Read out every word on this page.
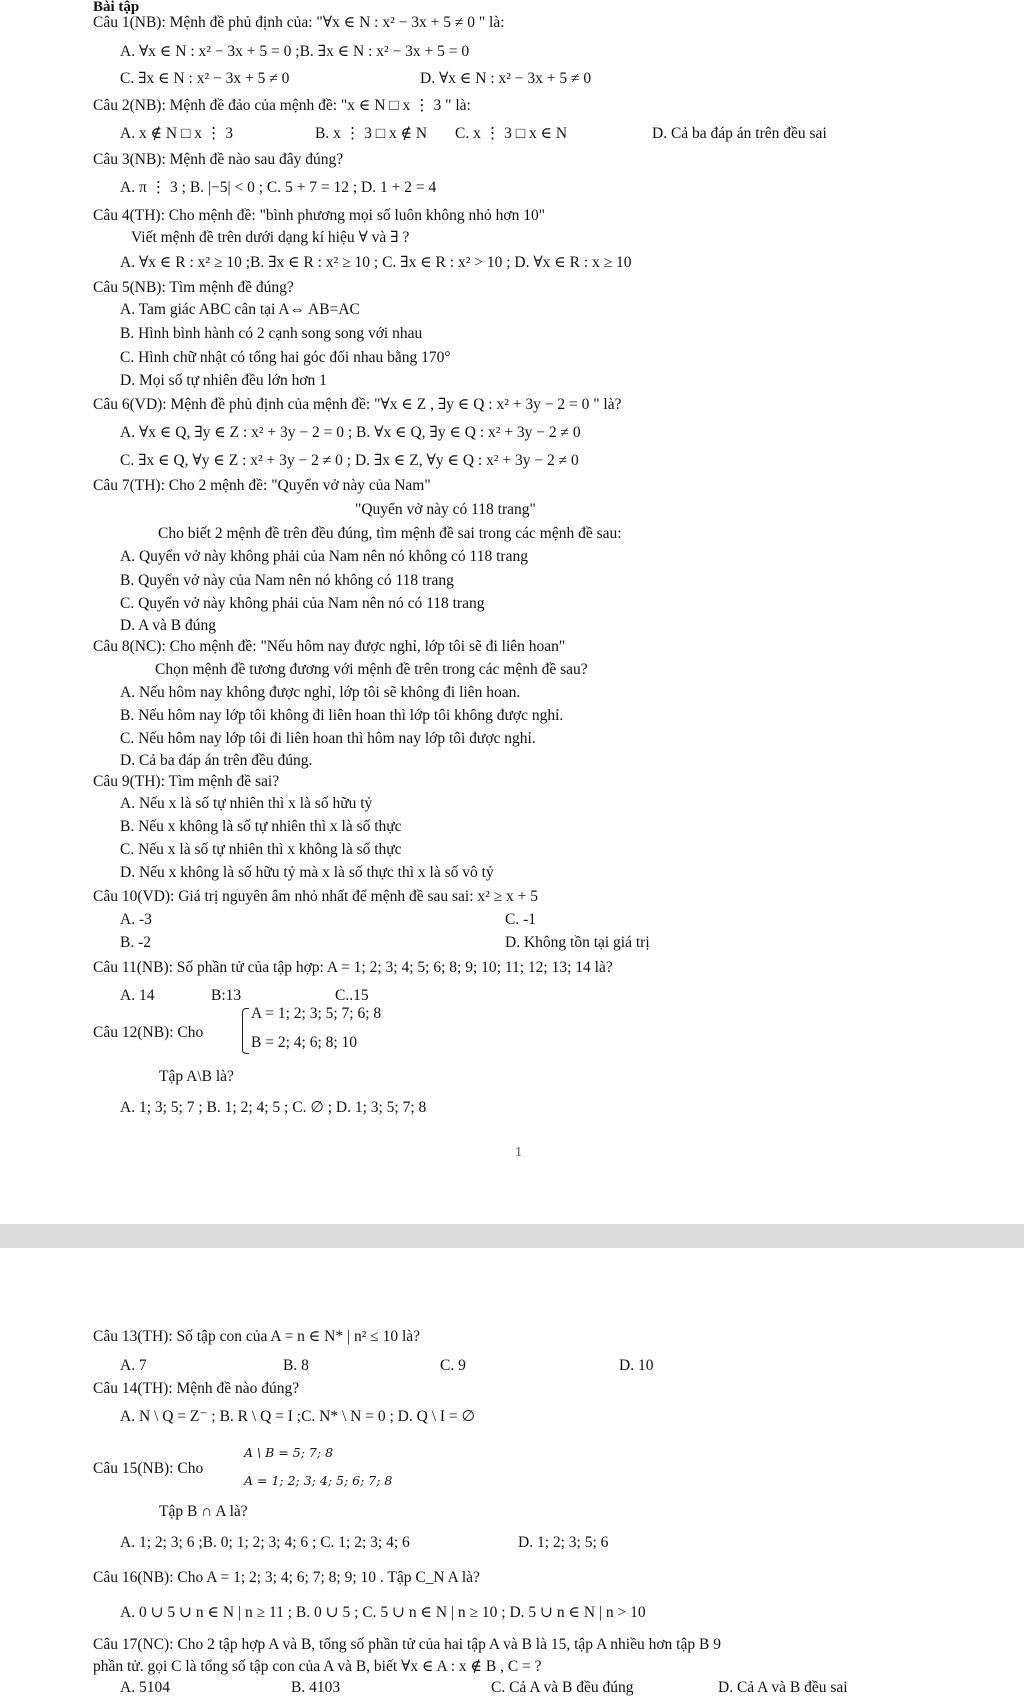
Bài tập
Câu 1(NB): Mệnh đề phủ định của: "∀x ∈ N : x² − 3x + 5 ≠ 0 " là:
A. ∀x ∈ N : x² − 3x + 5 = 0 ;B. ∃x ∈ N : x² − 3x + 5 = 0
C. ∃x ∈ N : x² − 3x + 5 ≠ 0	D. ∀x ∈ N : x² − 3x + 5 ≠ 0
Câu 2(NB): Mệnh đề đảo của mệnh đề: "x ∈ N □ x ⋮ 3 " là:
A. x ∉ N □ x ⋮ 3	B. x ⋮ 3 □ x ∉ N C. x ⋮ 3 □ x ∈ N	D. Cả ba đáp án trên đều sai
Câu 3(NB): Mệnh đề nào sau đây đúng?
A. π ⋮ 3 ; B. |−5| < 0 ; C. 5 + 7 = 12 ; D. 1 + 2 = 4
Câu 4(TH): Cho mệnh đề: "bình phương mọi số luôn không nhỏ hơn 10"
Viết mệnh đề trên dưới dạng kí hiệu ∀ và ∃ ?
A. ∀x ∈ R : x² ≥ 10 ;B. ∃x ∈ R : x² ≥ 10 ; C. ∃x ∈ R : x² > 10 ; D. ∀x ∈ R : x ≥ 10
Câu 5(NB): Tìm mệnh đề đúng?
A. Tam giác ABC cân tại A⇔ AB=AC
B. Hình bình hành có 2 cạnh song song với nhau
C. Hình chữ nhật có tổng hai góc đối nhau bằng 170°
D. Mọi số tự nhiên đều lớn hơn 1
Câu 6(VD): Mệnh đề phủ định của mệnh đề: "∀x ∈ Z , ∃y ∈ Q : x² + 3y − 2 = 0 " là?
A. ∀x ∈ Q, ∃y ∈ Z : x² + 3y − 2 = 0 ; B. ∀x ∈ Q, ∃y ∈ Q : x² + 3y − 2 ≠ 0
C. ∃x ∈ Q, ∀y ∈ Z : x² + 3y − 2 ≠ 0 ; D. ∃x ∈ Z, ∀y ∈ Q : x² + 3y − 2 ≠ 0
Câu 7(TH): Cho 2 mệnh đề: "Quyển vở này của Nam"
"Quyển vở này có 118 trang"
Cho biết 2 mệnh đề trên đều đúng, tìm mệnh đề sai trong các mệnh đề sau:
A. Quyển vở này không phải của Nam nên nó không có 118 trang
B. Quyển vở này của Nam nên nó không có 118 trang
C. Quyển vở này không phải của Nam nên nó có 118 trang
D. A và B đúng
Câu 8(NC): Cho mệnh đề: "Nếu hôm nay được nghỉ, lớp tôi sẽ đi liên hoan"
Chọn mệnh đề tương đương với mệnh đề trên trong các mệnh đề sau?
A. Nếu hôm nay không được nghỉ, lớp tôi sẽ không đi liên hoan.
B. Nếu hôm nay lớp tôi không đi liên hoan thì lớp tôi không được nghỉ.
C. Nếu hôm nay lớp tôi đi liên hoan thì hôm nay lớp tôi được nghỉ.
D. Cả ba đáp án trên đều đúng.
Câu 9(TH): Tìm mệnh đề sai?
A. Nếu x là số tự nhiên thì x là số hữu tỷ
B. Nếu x không là số tự nhiên thì x là số thực
C. Nếu x là số tự nhiên thì x không là số thực
D. Nếu x không là số hữu tỷ mà x là số thực thì x là số vô tỷ
Câu 10(VD): Giá trị nguyên âm nhỏ nhất để mệnh đề sau sai: x² ≥ x + 5
A. -3	C. -1
B. -2	D. Không tồn tại giá trị
Câu 11(NB): Số phần tử của tập hợp: A = 1; 2; 3; 4; 5; 6; 8; 9; 10; 11; 12; 13; 14 là?
A. 14	B:13	C..15
Câu 12(NB): Cho
A = 1; 2; 3; 5; 7; 6; 8
B = 2; 4; 6; 8; 10
Tập A\B là?
A. 1; 3; 5; 7 ; B. 1; 2; 4; 5 ; C. ∅ ; D. 1; 3; 5; 7; 8
1
Câu 13(TH): Số tập con của A = n ∈ N* | n² ≤ 10 là?
A. 7	B. 8	C. 9	D. 10
Câu 14(TH): Mệnh đề nào đúng?
A. N \ Q = Z⁻ ; B. R \ Q = I ;C. N* \ N = 0 ; D. Q \ I = ∅
Câu 15(NB): Cho
A \ B = 5; 7; 8
A = 1; 2; 3; 4; 5; 6; 7; 8
Tập B ∩ A là?
A. 1; 2; 3; 6 ;B. 0; 1; 2; 3; 4; 6 ; C. 1; 2; 3; 4; 6	D. 1; 2; 3; 5; 6
Câu 16(NB): Cho A = 1; 2; 3; 4; 6; 7; 8; 9; 10 . Tập C_N A là?
A. 0 ∪ 5 ∪ n ∈ N | n ≥ 11 ; B. 0 ∪ 5 ; C. 5 ∪ n ∈ N | n ≥ 10 ; D. 5 ∪ n ∈ N | n > 10
Câu 17(NC): Cho 2 tập hợp A và B, tổng số phần tử của hai tập A và B là 15, tập A nhiều hơn tập B 9
phần tử. gọi C là tổng số tập con của A và B, biết ∀x ∈ A : x ∉ B , C = ?
A. 5104	B. 4103	C. Cả A và B đều đúng	D. Cả A và B đều sai
